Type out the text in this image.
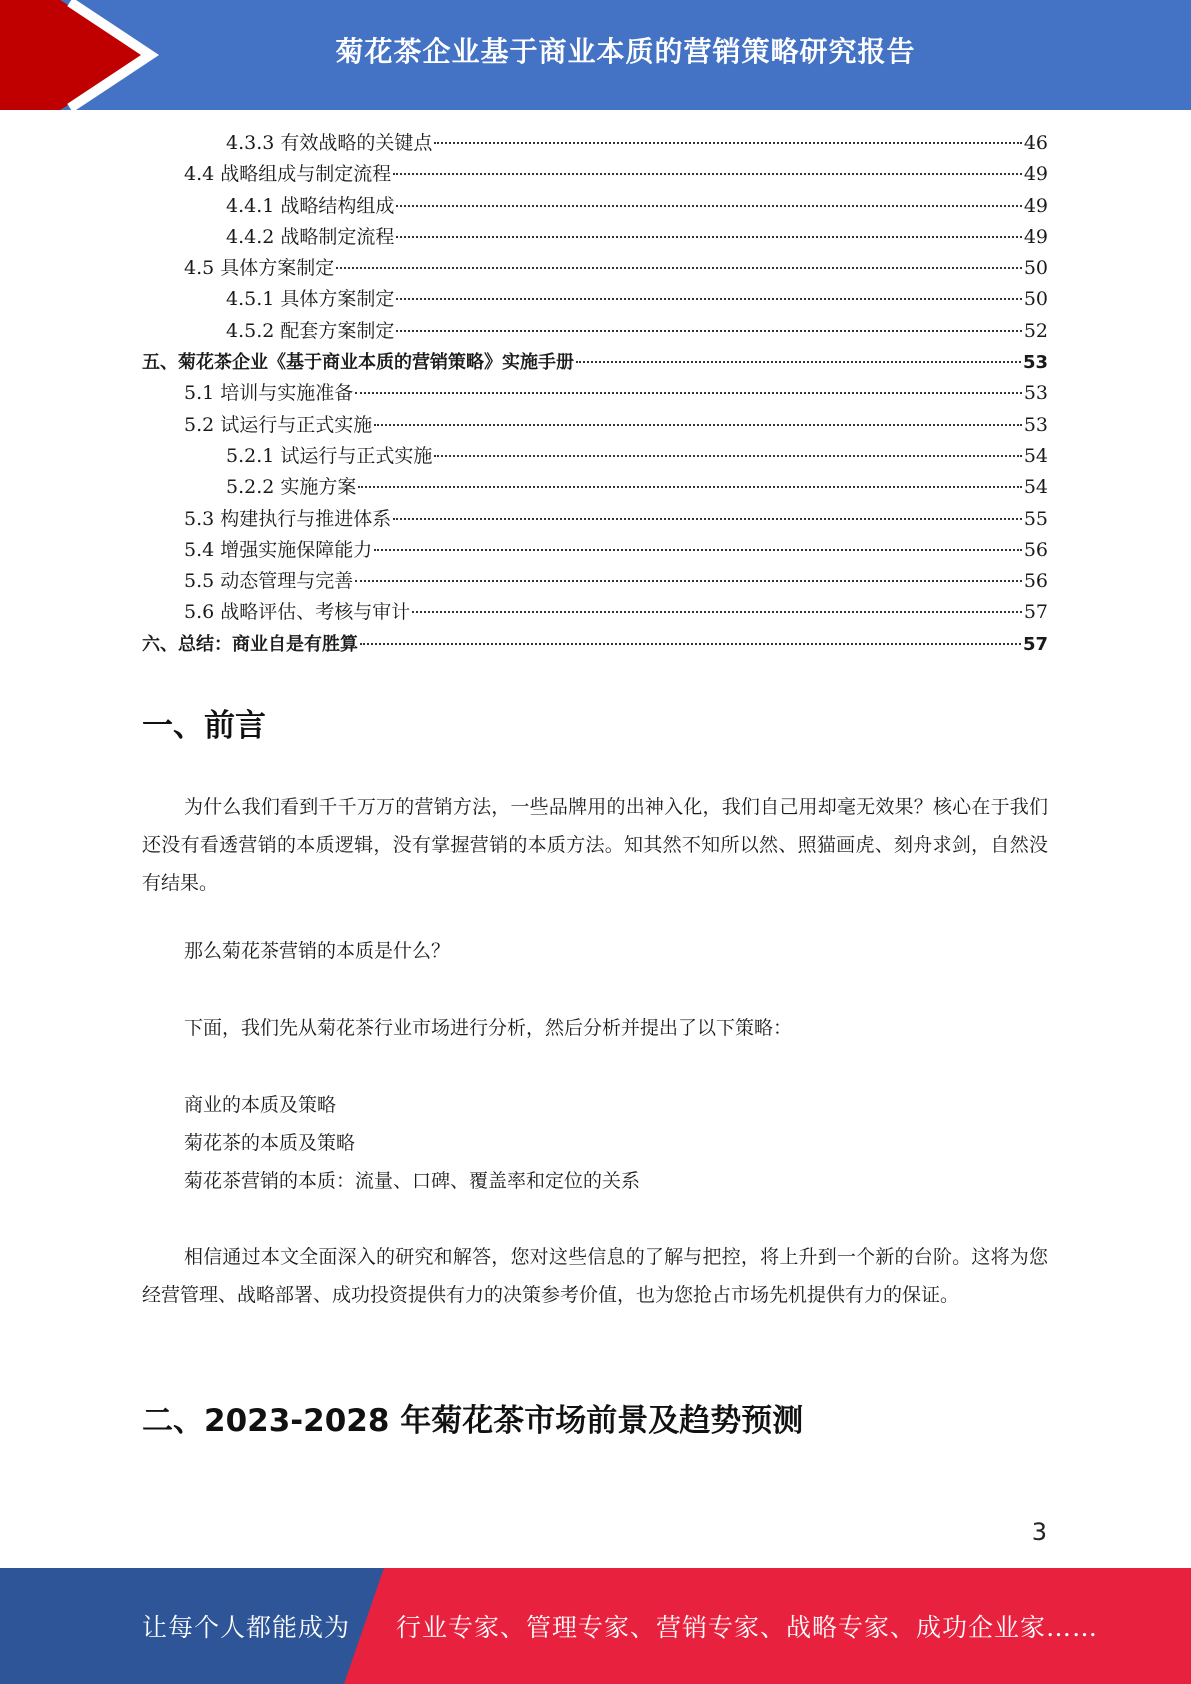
菊花茶企业基于商业本质的营销策略研究报告
4.3.3 有效战略的关键点	46
4.4 战略组成与制定流程	49
4.4.1 战略结构组成	49
4.4.2 战略制定流程	49
4.5 具体方案制定	50
4.5.1 具体方案制定	50
4.5.2 配套方案制定	52
五、菊花茶企业《基于商业本质的营销策略》实施手册	53
5.1 培训与实施准备	53
5.2 试运行与正式实施	53
5.2.1 试运行与正式实施	54
5.2.2 实施方案	54
5.3 构建执行与推进体系	55
5.4 增强实施保障能力	56
5.5 动态管理与完善	56
5.6 战略评估、考核与审计	57
六、总结：商业自是有胜算	57
一、前言

为什么我们看到千千万万的营销方法，一些品牌用的出神入化，我们自己用却毫无效果？核心在于我们还没有看透营销的本质逻辑，没有掌握营销的本质方法。知其然不知所以然、照猫画虎、刻舟求剑，自然没有结果。

那么菊花茶营销的本质是什么？

下面，我们先从菊花茶行业市场进行分析，然后分析并提出了以下策略：

商业的本质及策略
菊花茶的本质及策略
菊花茶营销的本质：流量、口碑、覆盖率和定位的关系

相信通过本文全面深入的研究和解答，您对这些信息的了解与把控，将上升到一个新的台阶。这将为您经营管理、战略部署、成功投资提供有力的决策参考价值，也为您抢占市场先机提供有力的保证。

二、2023-2028 年菊花茶市场前景及趋势预测
3
让每个人都能成为 行业专家、管理专家、营销专家、战略专家、成功企业家……
